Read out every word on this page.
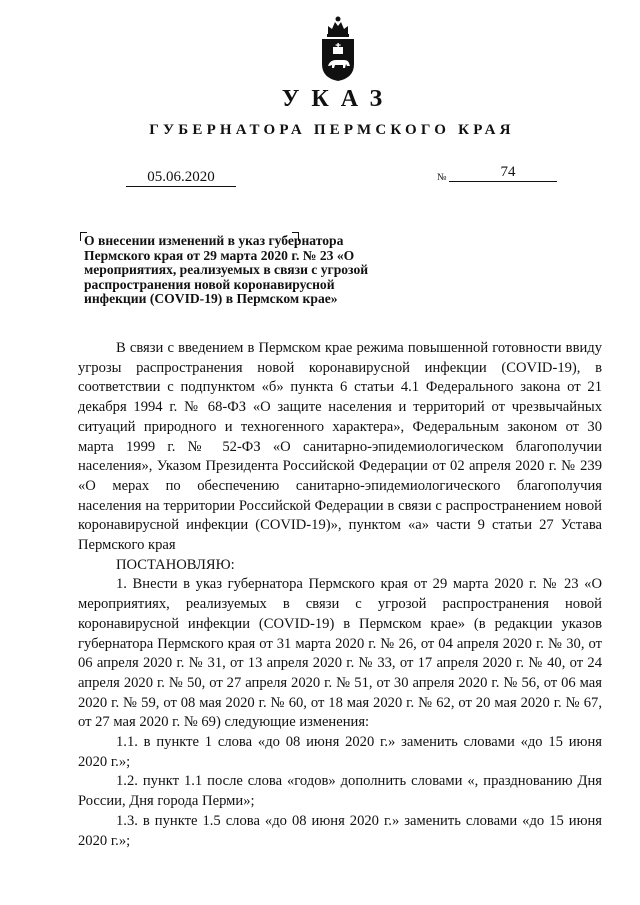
УКАЗ
ГУБЕРНАТОРА ПЕРМСКОГО КРАЯ
05.06.2020	№	74
О внесении изменений в указ губернатора Пермского края от 29 марта 2020 г. № 23 «О мероприятиях, реализуемых в связи с угрозой распространения новой коронавирусной инфекции (COVID-19) в Пермском крае»

В связи с введением в Пермском крае режима повышенной готовности ввиду угрозы распространения новой коронавирусной инфекции (COVID-19), в соответствии с подпунктом «б» пункта 6 статьи 4.1 Федерального закона от 21 декабря 1994 г. № 68-ФЗ «О защите населения и территорий от чрезвычайных ситуаций природного и техногенного характера», Федеральным законом от 30 марта 1999 г. № 52-ФЗ «О санитарно-эпидемиологическом благополучии населения», Указом Президента Российской Федерации от 02 апреля 2020 г. № 239 «О мерах по обеспечению санитарно-эпидемиологического благополучия населения на территории Российской Федерации в связи с распространением новой коронавирусной инфекции (COVID-19)», пунктом «а» части 9 статьи 27 Устава Пермского края

ПОСТАНОВЛЯЮ:

1. Внести в указ губернатора Пермского края от 29 марта 2020 г. № 23 «О мероприятиях, реализуемых в связи с угрозой распространения новой коронавирусной инфекции (COVID-19) в Пермском крае» (в редакции указов губернатора Пермского края от 31 марта 2020 г. № 26, от 04 апреля 2020 г. № 30, от 06 апреля 2020 г. № 31, от 13 апреля 2020 г. № 33, от 17 апреля 2020 г. № 40, от 24 апреля 2020 г. № 50, от 27 апреля 2020 г. № 51, от 30 апреля 2020 г. № 56, от 06 мая 2020 г. № 59, от 08 мая 2020 г. № 60, от 18 мая 2020 г. № 62, от 20 мая 2020 г. № 67, от 27 мая 2020 г. № 69) следующие изменения:

1.1. в пункте 1 слова «до 08 июня 2020 г.» заменить словами «до 15 июня 2020 г.»;

1.2. пункт 1.1 после слова «годов» дополнить словами «, празднованию Дня России, Дня города Перми»;

1.3. в пункте 1.5 слова «до 08 июня 2020 г.» заменить словами «до 15 июня 2020 г.»;
